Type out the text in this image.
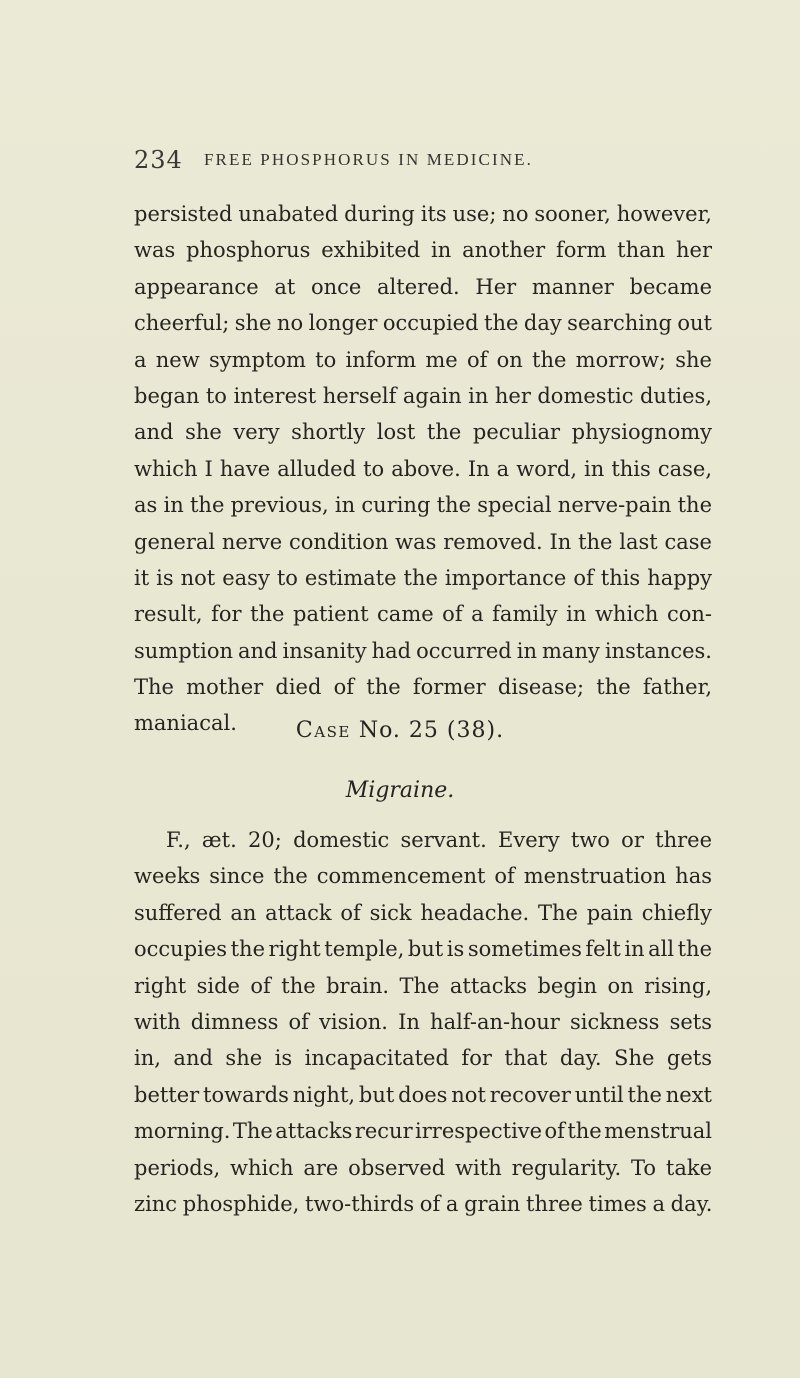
234 FREE PHOSPHORUS IN MEDICINE.
persisted unabated during its use; no sooner, however,
was phosphorus exhibited in another form than her
appearance at once altered. Her manner became
cheerful; she no longer occupied the day searching out
a new symptom to inform me of on the morrow; she
began to interest herself again in her domestic duties,
and she very shortly lost the peculiar physiognomy
which I have alluded to above. In a word, in this case,
as in the previous, in curing the special nerve-pain the
general nerve condition was removed. In the last case
it is not easy to estimate the importance of this happy
result, for the patient came of a family in which con-
sumption and insanity had occurred in many instances.
The mother died of the former disease; the father,
maniacal.	Case No. 25 (38).
Migraine.
F., æt. 20; domestic servant. Every two or three
weeks since the commencement of menstruation has
suffered an attack of sick headache. The pain chiefly
occupies the right temple, but is sometimes felt in all the
right side of the brain. The attacks begin on rising,
with dimness of vision. In half-an-hour sickness sets
in, and she is incapacitated for that day. She gets
better towards night, but does not recover until the next
morning. The attacks recur irrespective of the menstrual
periods, which are observed with regularity. To take
zinc phosphide, two-thirds of a grain three times a day.
